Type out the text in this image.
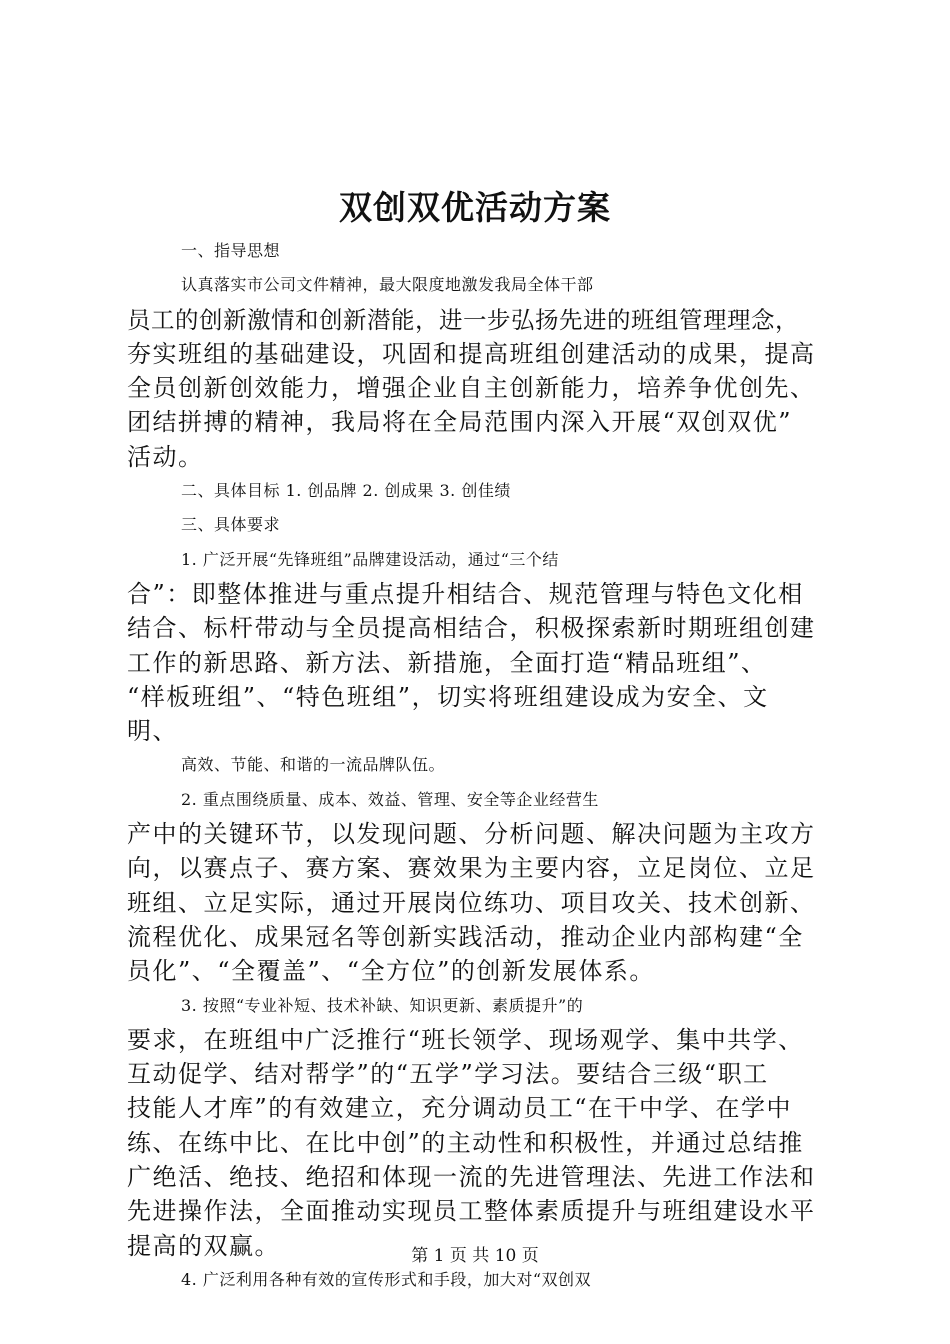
双创双优活动方案
一、指导思想
认真落实市公司文件精神，最大限度地激发我局全体干部
员工的创新激情和创新潜能，进一步弘扬先进的班组管理理念，
夯实班组的基础建设，巩固和提高班组创建活动的成果，提高
全员创新创效能力，增强企业自主创新能力，培养争优创先、
团结拼搏的精神，我局将在全局范围内深入开展“双创双优”
活动。
二、具体目标 1. 创品牌 2. 创成果 3. 创佳绩
三、具体要求
1. 广泛开展“先锋班组”品牌建设活动，通过“三个结
合”：即整体推进与重点提升相结合、规范管理与特色文化相
结合、标杆带动与全员提高相结合，积极探索新时期班组创建
工作的新思路、新方法、新措施，全面打造“精品班组”、
“样板班组”、“特色班组”，切实将班组建设成为安全、文
明、
高效、节能、和谐的一流品牌队伍。
2. 重点围绕质量、成本、效益、管理、安全等企业经营生
产中的关键环节，以发现问题、分析问题、解决问题为主攻方
向，以赛点子、赛方案、赛效果为主要内容，立足岗位、立足
班组、立足实际，通过开展岗位练功、项目攻关、技术创新、
流程优化、成果冠名等创新实践活动，推动企业内部构建“全
员化”、“全覆盖”、“全方位”的创新发展体系。
3. 按照“专业补短、技术补缺、知识更新、素质提升”的
要求，在班组中广泛推行“班长领学、现场观学、集中共学、
互动促学、结对帮学”的“五学”学习法。要结合三级“职工
技能人才库”的有效建立，充分调动员工“在干中学、在学中
练、在练中比、在比中创”的主动性和积极性，并通过总结推
广绝活、绝技、绝招和体现一流的先进管理法、先进工作法和
先进操作法，全面推动实现员工整体素质提升与班组建设水平
提高的双赢。
4. 广泛利用各种有效的宣传形式和手段，加大对“双创双
第 1 页 共 10 页
